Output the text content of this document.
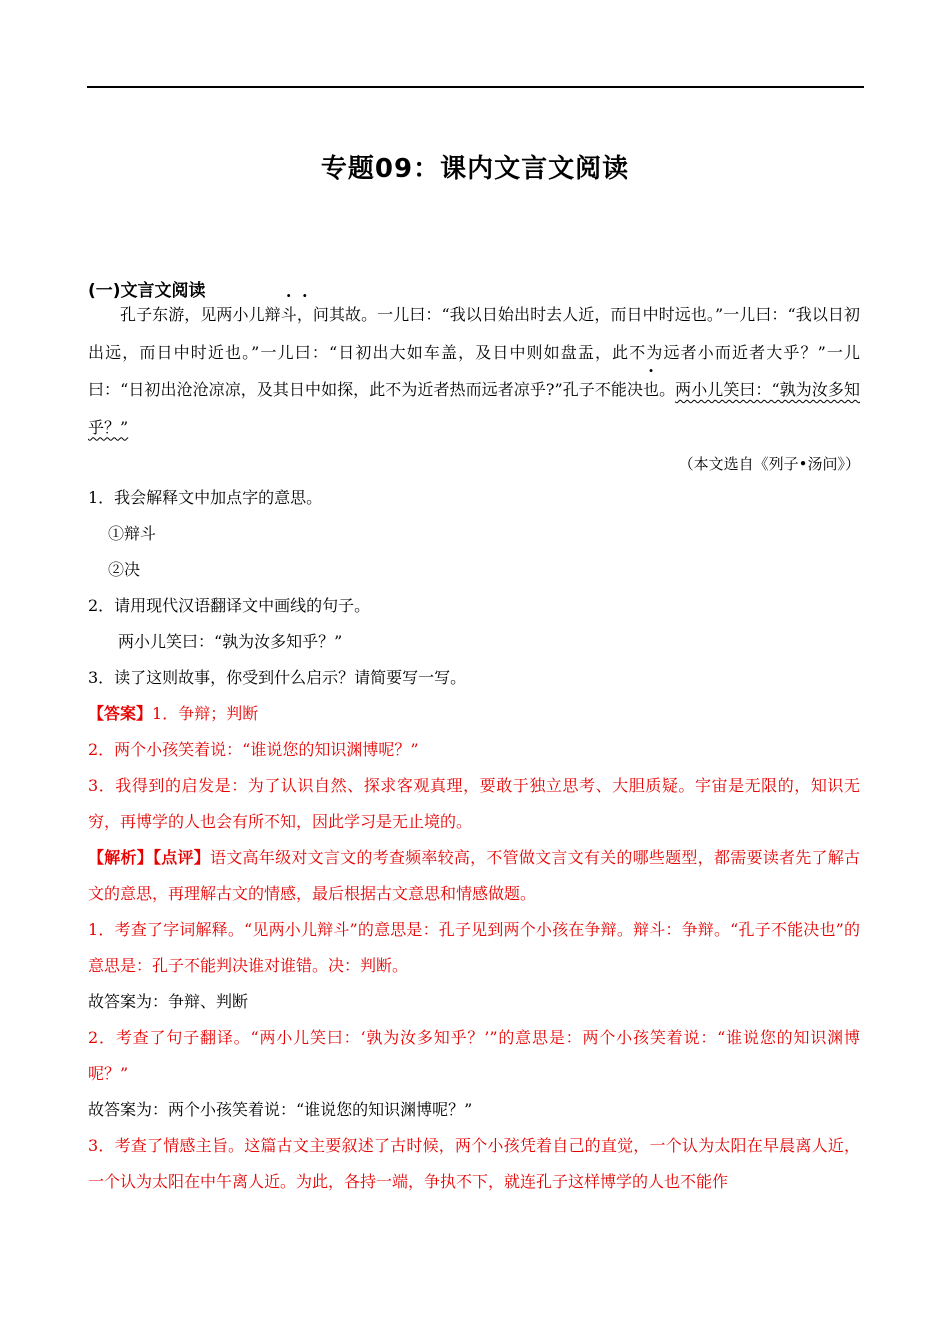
专题09：课内文言文阅读
(一)文言文阅读

孔子东游，见两小儿辩斗，问其故。一儿曰：“我以日始出时去人近，而日中时远也。”一儿曰：“我以日初出远，而日中时近也。”一儿曰：“日初出大如车盖，及日中则如盘盂，此不为远者小而近者大乎？”一儿曰：“日初出沧沧凉凉，及其日中如探，此不为近者热而远者凉乎?”孔子不能决也。两小儿笑曰：“孰为汝多知乎？”

（本文选自《列子•汤问》）

1．我会解释文中加点字的意思。

①辩斗

②决

2．请用现代汉语翻译文中画线的句子。

两小儿笑曰：“孰为汝多知乎？”

3．读了这则故事，你受到什么启示？请简要写一写。

【答案】1．争辩；判断

2．两个小孩笑着说：“谁说您的知识渊博呢？”

3．我得到的启发是：为了认识自然、探求客观真理，要敢于独立思考、大胆质疑。宇宙是无限的，知识无穷，再博学的人也会有所不知，因此学习是无止境的。

【解析】【点评】语文高年级对文言文的考查频率较高，不管做文言文有关的哪些题型，都需要读者先了解古文的意思，再理解古文的情感，最后根据古文意思和情感做题。

1．考查了字词解释。“见两小儿辩斗”的意思是：孔子见到两个小孩在争辩。辩斗：争辩。“孔子不能决也”的意思是：孔子不能判决谁对谁错。决：判断。

故答案为：争辩、判断

2．考查了句子翻译。“两小儿笑曰：‘孰为汝多知乎？’”的意思是：两个小孩笑着说：“谁说您的知识渊博呢？”

故答案为：两个小孩笑着说：“谁说您的知识渊博呢？”

3．考查了情感主旨。这篇古文主要叙述了古时候，两个小孩凭着自己的直觉，一个认为太阳在早晨离人近，一个认为太阳在中午离人近。为此，各持一端，争执不下，就连孔子这样博学的人也不能作
